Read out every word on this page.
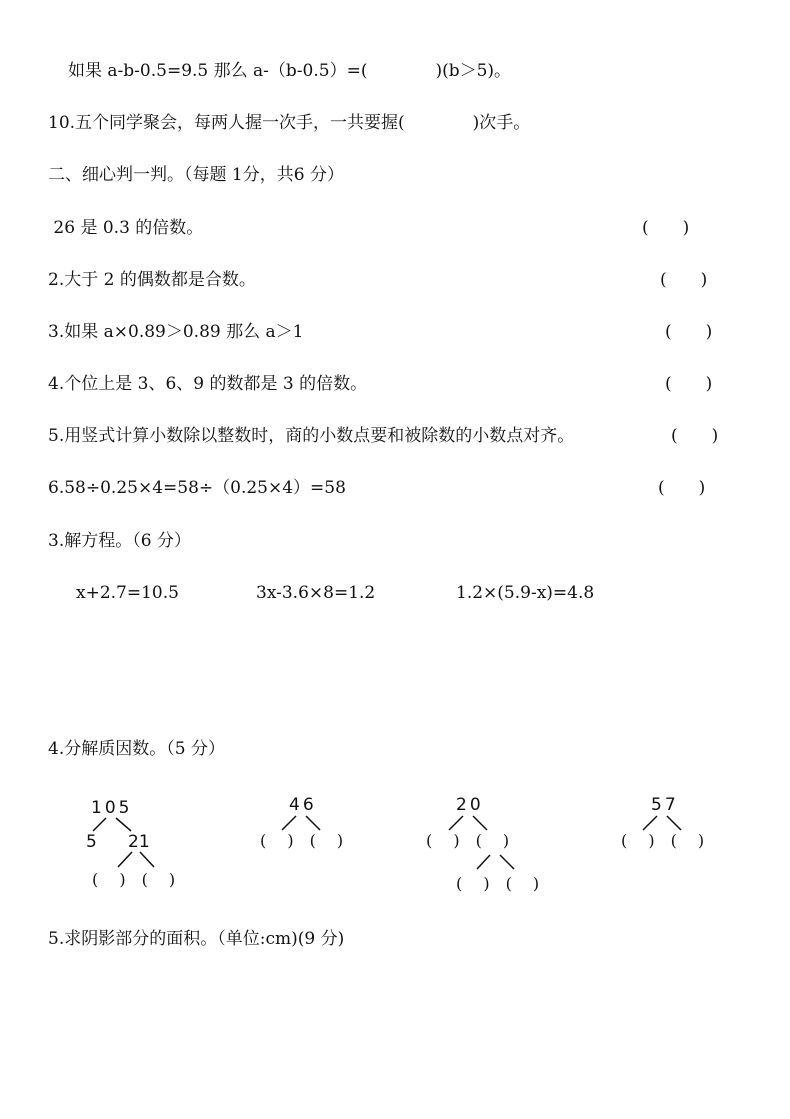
如果 a-b-0.5=9.5 那么 a-（b-0.5）=(　　　　)(b＞5)。
10.五个同学聚会，每两人握一次手，一共要握(　　　　)次手。
二、细心判一判。（每题 1分，共6 分）
26 是 0.3 的倍数。	(　　)
2.大于 2 的偶数都是合数。	(　　)
3.如果 a×0.89＞0.89 那么 a＞1	(　　)
4.个位上是 3、6、9 的数都是 3 的倍数。	(　　)
5.用竖式计算小数除以整数时，商的小数点要和被除数的小数点对齐。	(　　)
6.58÷0.25×4=58÷（0.25×4）=58	(　　)
3.解方程。（6 分）
x+2.7=10.5	3x-3.6×8=1.2	1.2×(5.9-x)=4.8
4.分解质因数。（5 分）
105
5 21
(　 )　(　 )
46
(　 )　(　 )
20
(　 )　(　 )
(　 )　(　 )
57
(　 )　(　 )
5.求阴影部分的面积。（单位:cm)(9 分)
